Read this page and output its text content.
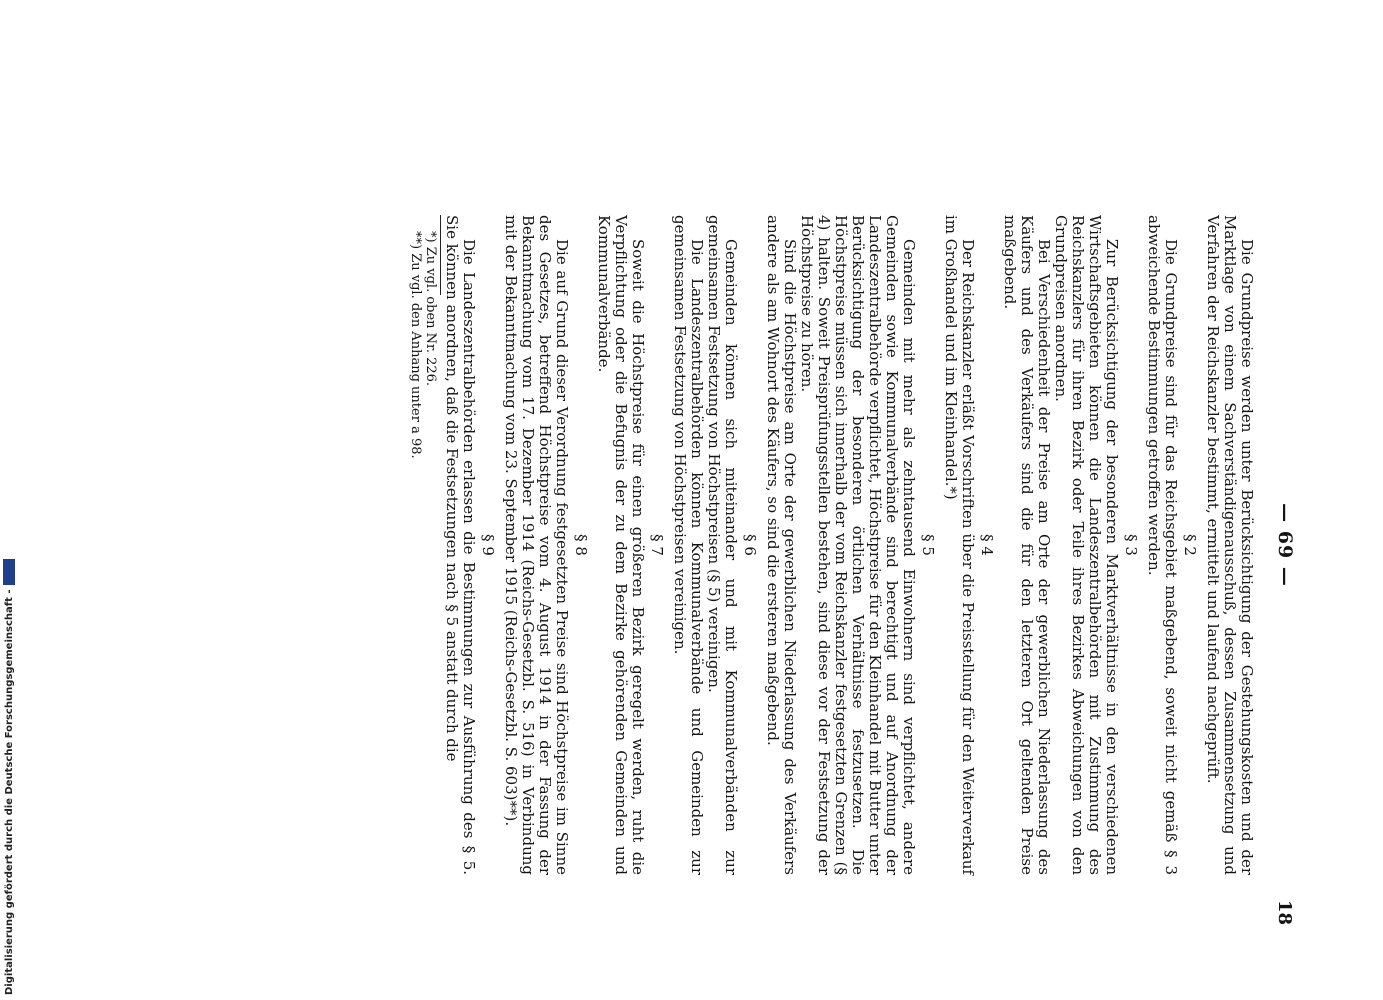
— 69 —
18

Die Grundpreise werden unter Berücksichtigung der Gestehungskosten und der Marktlage von einem Sachverständigenausschuß, dessen Zusammensetzung und Verfahren der Reichskanzler bestimmt, ermittelt und laufend nachgeprüft.

§ 2

Die Grundpreise sind für das Reichsgebiet maßgebend, soweit nicht gemäß § 3 abweichende Bestimmungen getroffen werden.

§ 3

Zur Berücksichtigung der besonderen Marktverhältnisse in den verschiedenen Wirtschaftsgebieten können die Landeszentralbehörden mit Zustimmung des Reichskanzlers für ihren Bezirk oder Teile ihres Bezirkes Abweichungen von den Grundpreisen anordnen.

Bei Verschiedenheit der Preise am Orte der gewerblichen Niederlassung des Käufers und des Verkäufers sind die für den letzteren Ort geltenden Preise maßgebend.

§ 4

Der Reichskanzler erläßt Vorschriften über die Preisstellung für den Weiterverkauf im Großhandel und im Kleinhandel.*)

§ 5

Gemeinden mit mehr als zehntausend Einwohnern sind verpflichtet, andere Gemeinden sowie Kommunalverbände sind berechtigt und auf Anordnung der Landeszentralbehörde verpflichtet, Höchstpreise für den Kleinhandel mit Butter unter Berücksichtigung der besonderen örtlichen Verhältnisse festzusetzen. Die Höchstpreise müssen sich innerhalb der vom Reichskanzler festgesetzten Grenzen (§ 4) halten. Soweit Preisprüfungsstellen bestehen, sind diese vor der Festsetzung der Höchstpreise zu hören.

Sind die Höchstpreise am Orte der gewerblichen Niederlassung des Verkäufers andere als am Wohnort des Käufers, so sind die ersteren maßgebend.

§ 6

Gemeinden können sich miteinander und mit Kommunalverbänden zur gemeinsamen Festsetzung von Höchstpreisen (§ 5) vereinigen.

Die Landeszentralbehörden können Kommunalverbände und Gemeinden zur gemeinsamen Festsetzung von Höchstpreisen vereinigen.

§ 7

Soweit die Höchstpreise für einen größeren Bezirk geregelt werden, ruht die Verpflichtung oder die Befugnis der zu dem Bezirke gehörenden Gemeinden und Kommunalverbände.

§ 8

Die auf Grund dieser Verordnung festgesetzten Preise sind Höchstpreise im Sinne des Gesetzes, betreffend Höchstpreise vom 4. August 1914 in der Fassung der Bekanntmachung vom 17. Dezember 1914 (Reichs-Gesetzbl. S. 516) in Verbindung mit der Bekanntmachung vom 23. September 1915 (Reichs-Gesetzbl. S. 603)**).

§ 9

Die Landeszentralbehörden erlassen die Bestimmungen zur Ausführung des § 5. Sie können anordnen, daß die Festsetzungen nach § 5 anstatt durch die

*) Zu vgl. oben Nr. 226.

**) Zu vgl. den Anhang unter a 98.

Digitalisierung gefördert durch die Deutsche Forschungsgemeinschaft -
